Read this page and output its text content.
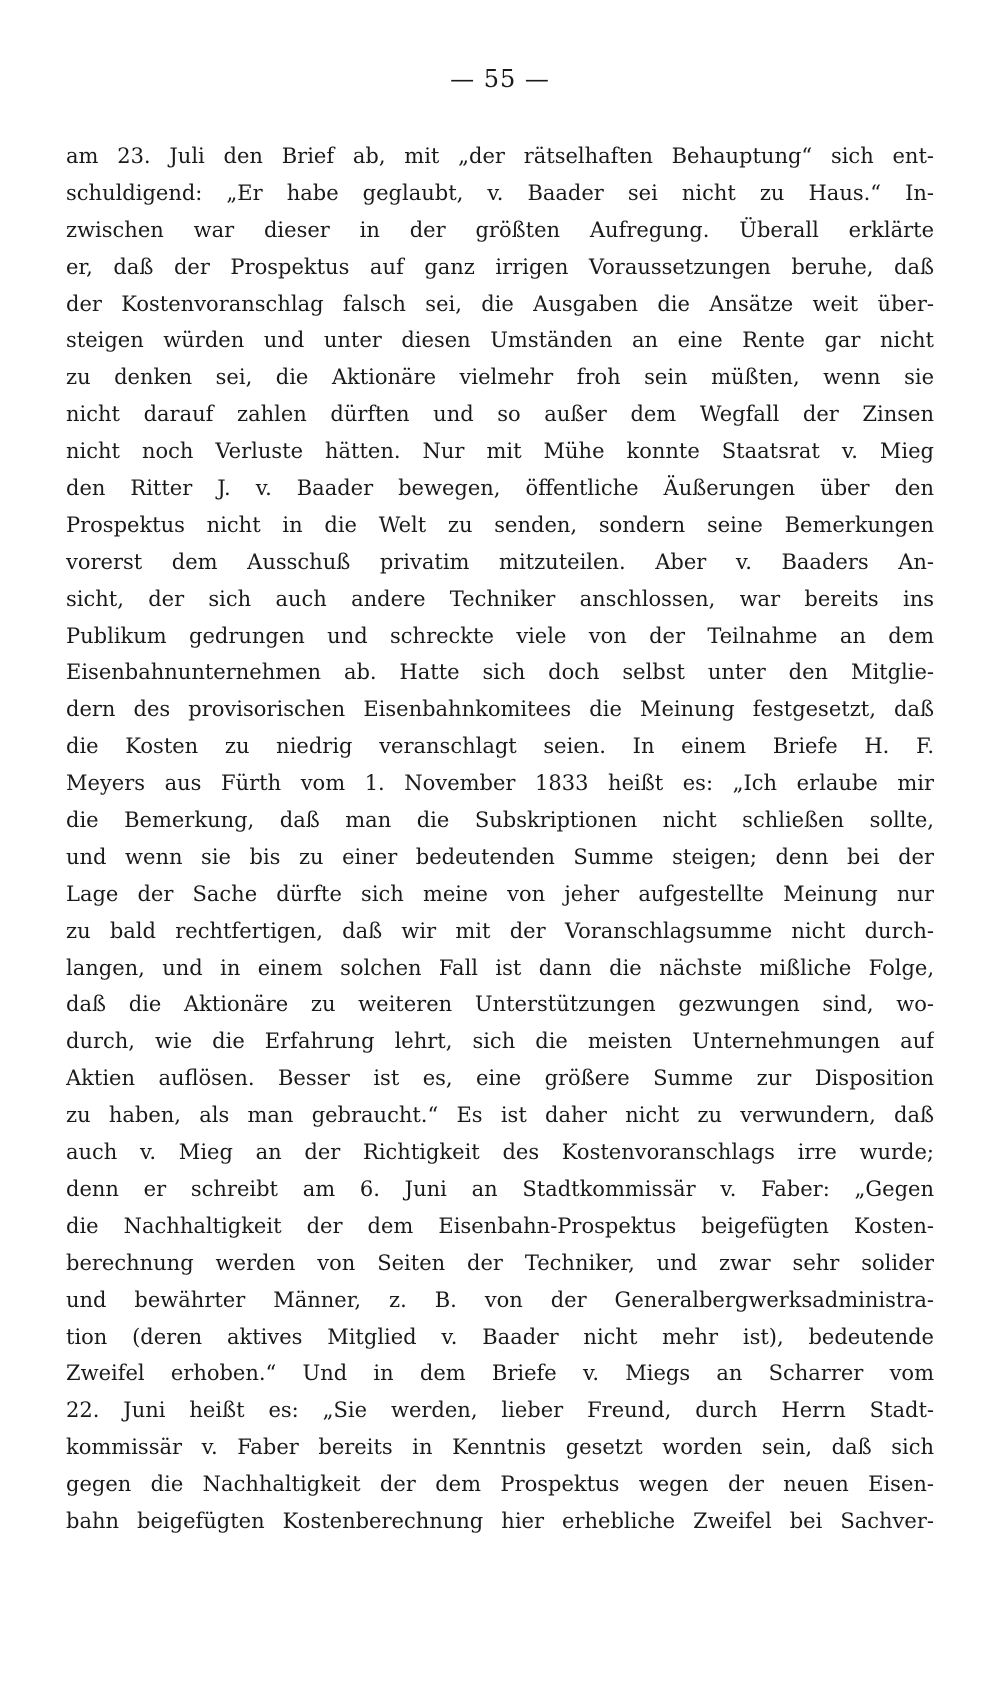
— 55 —
am 23. Juli den Brief ab, mit „der rätselhaften Behauptung“ sich ent-
schuldigend: „Er habe geglaubt, v. Baader sei nicht zu Haus.“ In-
zwischen war dieser in der größten Aufregung. Überall erklärte
er, daß der Prospektus auf ganz irrigen Voraussetzungen beruhe, daß
der Kostenvoranschlag falsch sei, die Ausgaben die Ansätze weit über-
steigen würden und unter diesen Umständen an eine Rente gar nicht
zu denken sei, die Aktionäre vielmehr froh sein müßten, wenn sie
nicht darauf zahlen dürften und so außer dem Wegfall der Zinsen
nicht noch Verluste hätten. Nur mit Mühe konnte Staatsrat v. Mieg
den Ritter J. v. Baader bewegen, öffentliche Äußerungen über den
Prospektus nicht in die Welt zu senden, sondern seine Bemerkungen
vorerst dem Ausschuß privatim mitzuteilen. Aber v. Baaders An-
sicht, der sich auch andere Techniker anschlossen, war bereits ins
Publikum gedrungen und schreckte viele von der Teilnahme an dem
Eisenbahnunternehmen ab. Hatte sich doch selbst unter den Mitglie-
dern des provisorischen Eisenbahnkomitees die Meinung festgesetzt, daß
die Kosten zu niedrig veranschlagt seien. In einem Briefe H. F.
Meyers aus Fürth vom 1. November 1833 heißt es: „Ich erlaube mir
die Bemerkung, daß man die Subskriptionen nicht schließen sollte,
und wenn sie bis zu einer bedeutenden Summe steigen; denn bei der
Lage der Sache dürfte sich meine von jeher aufgestellte Meinung nur
zu bald rechtfertigen, daß wir mit der Voranschlagsumme nicht durch-
langen, und in einem solchen Fall ist dann die nächste mißliche Folge,
daß die Aktionäre zu weiteren Unterstützungen gezwungen sind, wo-
durch, wie die Erfahrung lehrt, sich die meisten Unternehmungen auf
Aktien auflösen. Besser ist es, eine größere Summe zur Disposition
zu haben, als man gebraucht.“ Es ist daher nicht zu verwundern, daß
auch v. Mieg an der Richtigkeit des Kostenvoranschlags irre wurde;
denn er schreibt am 6. Juni an Stadtkommissär v. Faber: „Gegen
die Nachhaltigkeit der dem Eisenbahn-Prospektus beigefügten Kosten-
berechnung werden von Seiten der Techniker, und zwar sehr solider
und bewährter Männer, z. B. von der Generalbergwerksadministra-
tion (deren aktives Mitglied v. Baader nicht mehr ist), bedeutende
Zweifel erhoben.“ Und in dem Briefe v. Miegs an Scharrer vom
22. Juni heißt es: „Sie werden, lieber Freund, durch Herrn Stadt-
kommissär v. Faber bereits in Kenntnis gesetzt worden sein, daß sich
gegen die Nachhaltigkeit der dem Prospektus wegen der neuen Eisen-
bahn beigefügten Kostenberechnung hier erhebliche Zweifel bei Sachver-
